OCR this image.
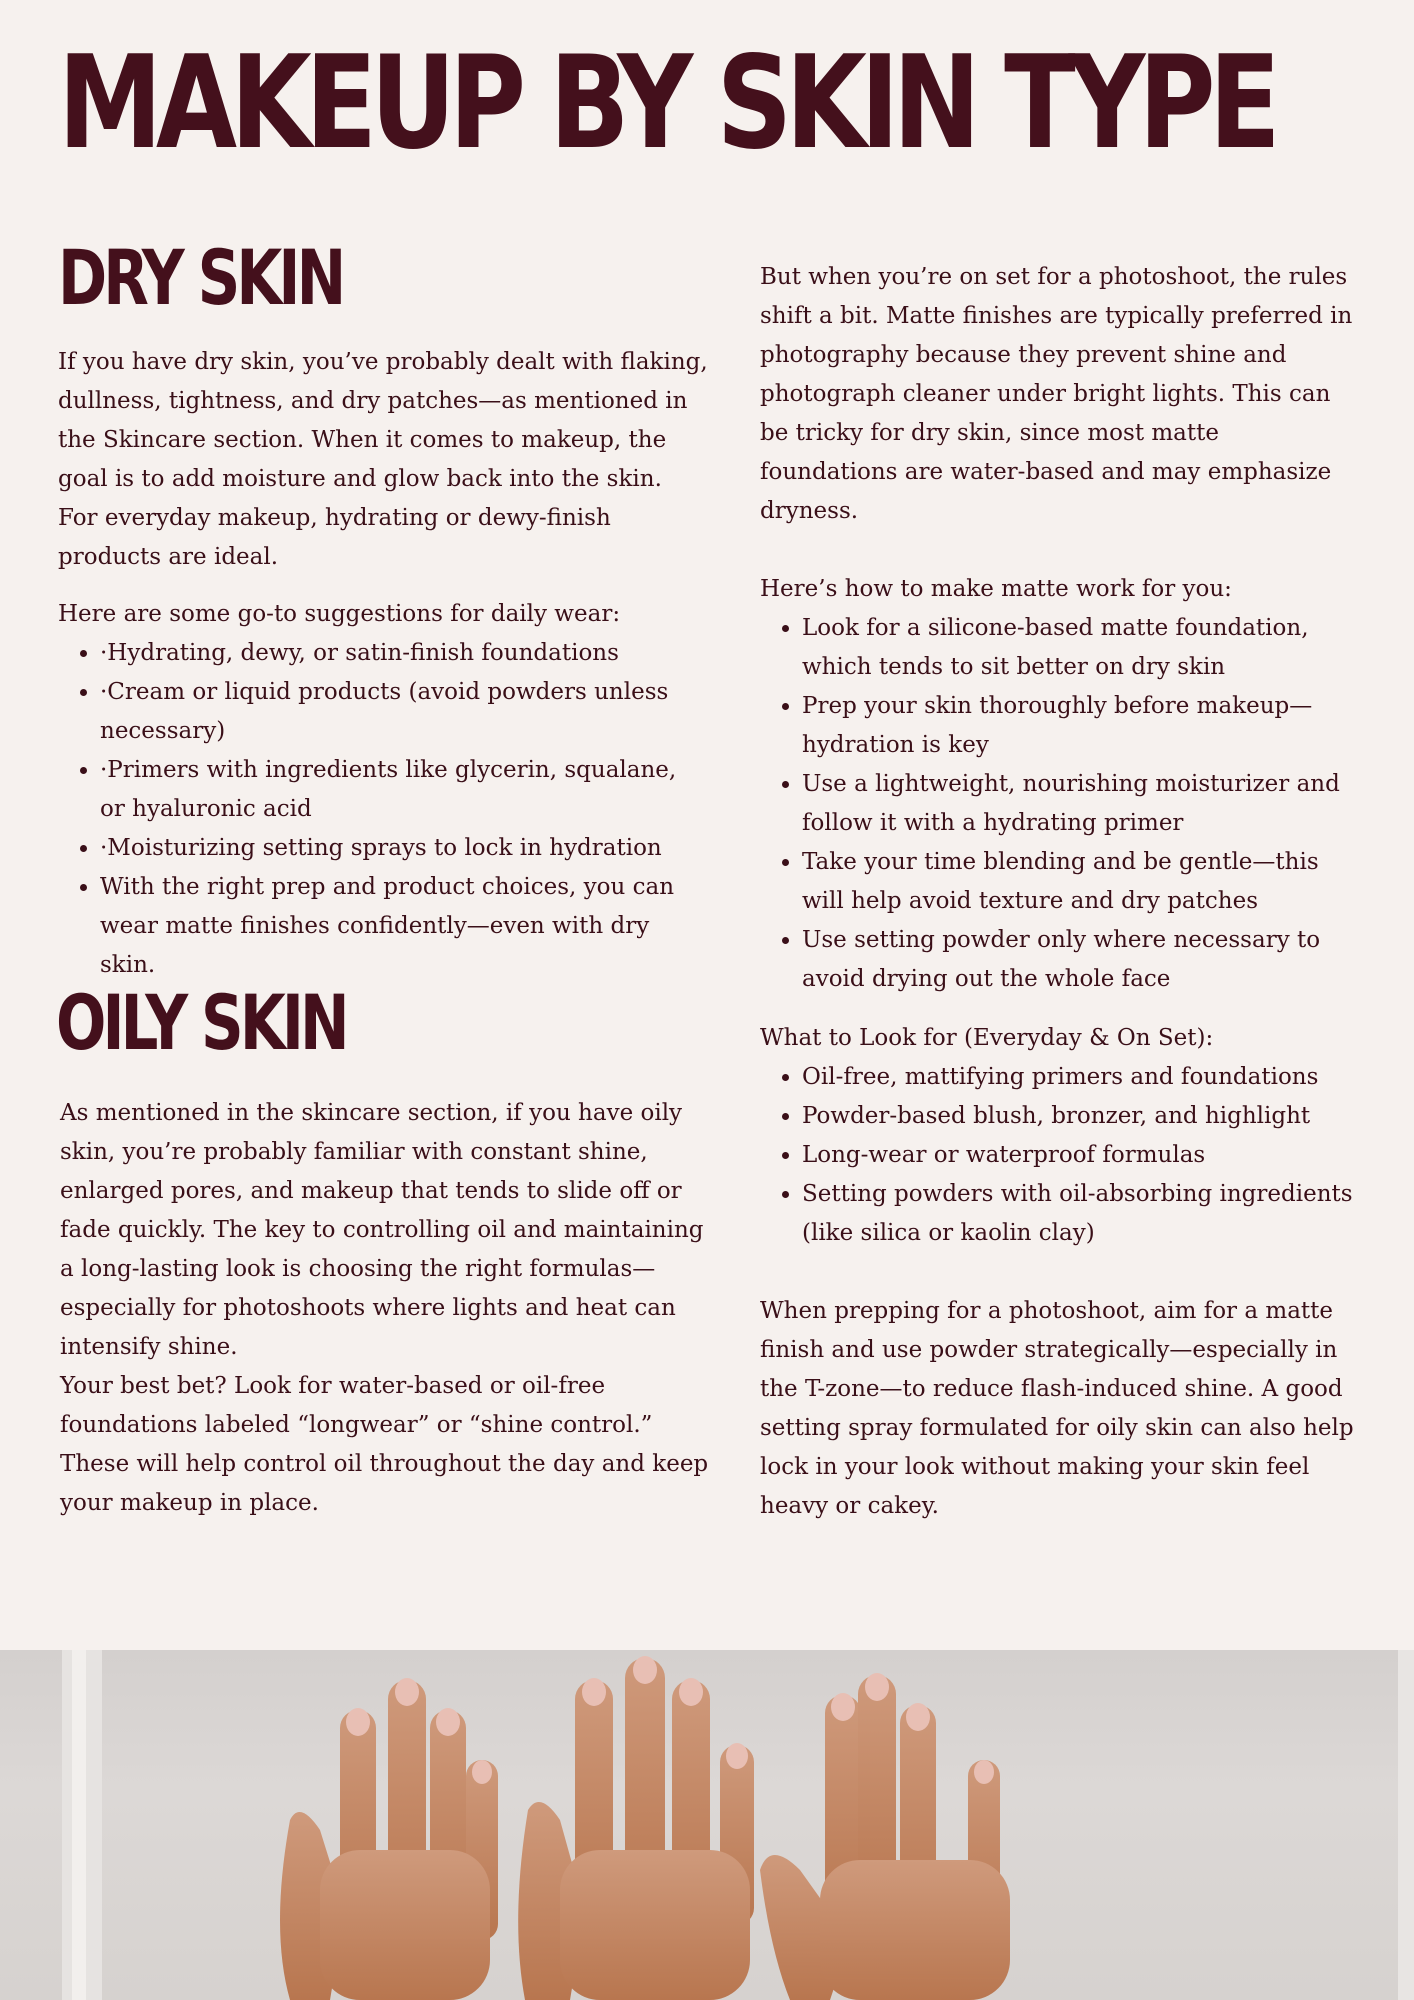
MAKEUP BY SKIN TYPE
DRY SKIN

If you have dry skin, you’ve probably dealt with flaking, dullness, tightness, and dry patches—as mentioned in the Skincare section. When it comes to makeup, the goal is to add moisture and glow back into the skin. For everyday makeup, hydrating or dewy-finish products are ideal.

Here are some go-to suggestions for daily wear:

• ·Hydrating, dewy, or satin-finish foundations
• ·Cream or liquid products (avoid powders unless necessary)
• ·Primers with ingredients like glycerin, squalane, or hyaluronic acid
• ·Moisturizing setting sprays to lock in hydration
• With the right prep and product choices, you can wear matte finishes confidently—even with dry skin.

But when you’re on set for a photoshoot, the rules shift a bit. Matte finishes are typically preferred in photography because they prevent shine and photograph cleaner under bright lights. This can be tricky for dry skin, since most matte foundations are water-based and may emphasize dryness.

Here’s how to make matte work for you:

• Look for a silicone-based matte foundation, which tends to sit better on dry skin
• Prep your skin thoroughly before makeup—hydration is key
• Use a lightweight, nourishing moisturizer and follow it with a hydrating primer
• Take your time blending and be gentle—this will help avoid texture and dry patches
• Use setting powder only where necessary to avoid drying out the whole face
OILY SKIN

As mentioned in the skincare section, if you have oily skin, you’re probably familiar with constant shine, enlarged pores, and makeup that tends to slide off or fade quickly. The key to controlling oil and maintaining a long-lasting look is choosing the right formulas—especially for photoshoots where lights and heat can intensify shine.

Your best bet? Look for water-based or oil-free foundations labeled “longwear” or “shine control.” These will help control oil throughout the day and keep your makeup in place.

What to Look for (Everyday & On Set):

• Oil-free, mattifying primers and foundations
• Powder-based blush, bronzer, and highlight
• Long-wear or waterproof formulas
• Setting powders with oil-absorbing ingredients (like silica or kaolin clay)

When prepping for a photoshoot, aim for a matte finish and use powder strategically—especially in the T-zone—to reduce flash-induced shine. A good setting spray formulated for oily skin can also help lock in your look without making your skin feel heavy or cakey.
